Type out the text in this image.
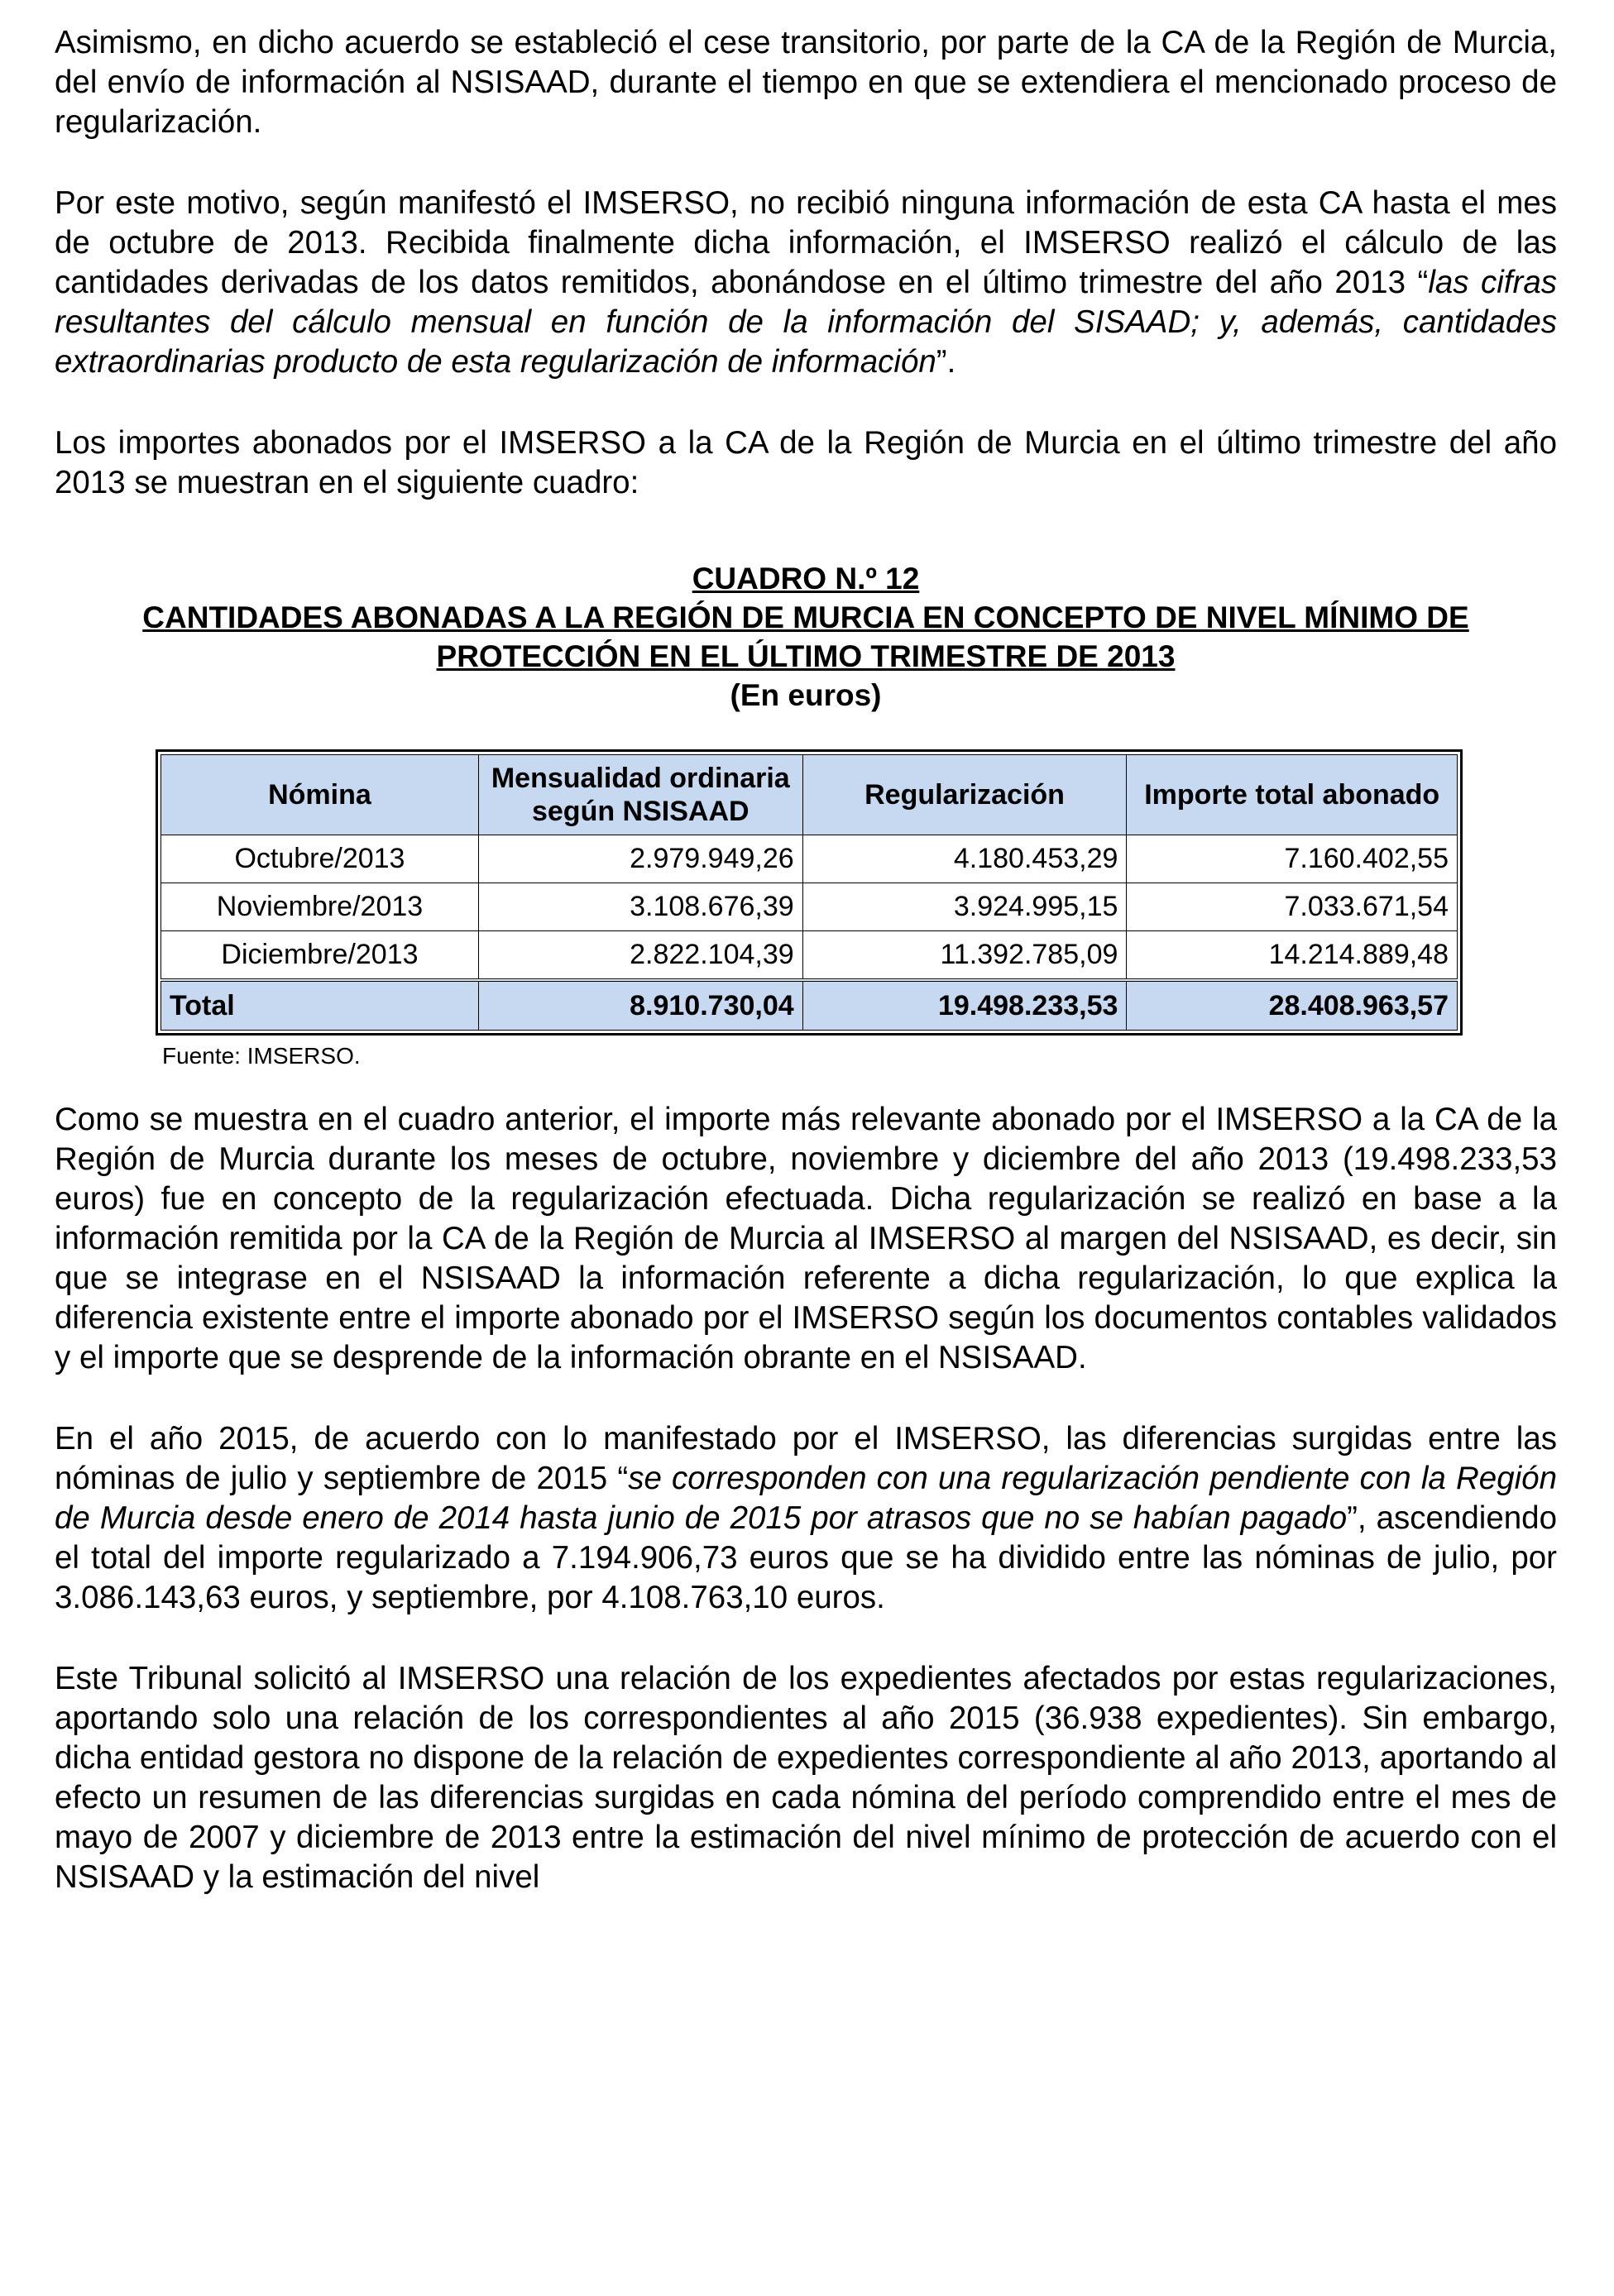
Asimismo, en dicho acuerdo se estableció el cese transitorio, por parte de la CA de la Región de Murcia, del envío de información al NSISAAD, durante el tiempo en que se extendiera el mencionado proceso de regularización.

Por este motivo, según manifestó el IMSERSO, no recibió ninguna información de esta CA hasta el mes de octubre de 2013. Recibida finalmente dicha información, el IMSERSO realizó el cálculo de las cantidades derivadas de los datos remitidos, abonándose en el último trimestre del año 2013 “las cifras resultantes del cálculo mensual en función de la información del SISAAD; y, además, cantidades extraordinarias producto de esta regularización de información”.

Los importes abonados por el IMSERSO a la CA de la Región de Murcia en el último trimestre del año 2013 se muestran en el siguiente cuadro:

CUADRO N.º 12
CANTIDADES ABONADAS A LA REGIÓN DE MURCIA EN CONCEPTO DE NIVEL MÍNIMO DE
PROTECCIÓN EN EL ÚLTIMO TRIMESTRE DE 2013
(En euros)
Nómina	Mensualidad ordinaria según NSISAAD	Regularización	Importe total abonado
Octubre/2013	2.979.949,26	4.180.453,29	7.160.402,55
Noviembre/2013	3.108.676,39	3.924.995,15	7.033.671,54
Diciembre/2013	2.822.104,39	11.392.785,09	14.214.889,48
Total	8.910.730,04	19.498.233,53	28.408.963,57
Fuente: IMSERSO.

Como se muestra en el cuadro anterior, el importe más relevante abonado por el IMSERSO a la CA de la Región de Murcia durante los meses de octubre, noviembre y diciembre del año 2013 (19.498.233,53 euros) fue en concepto de la regularización efectuada. Dicha regularización se realizó en base a la información remitida por la CA de la Región de Murcia al IMSERSO al margen del NSISAAD, es decir, sin que se integrase en el NSISAAD la información referente a dicha regularización, lo que explica la diferencia existente entre el importe abonado por el IMSERSO según los documentos contables validados y el importe que se desprende de la información obrante en el NSISAAD.

En el año 2015, de acuerdo con lo manifestado por el IMSERSO, las diferencias surgidas entre las nóminas de julio y septiembre de 2015 “se corresponden con una regularización pendiente con la Región de Murcia desde enero de 2014 hasta junio de 2015 por atrasos que no se habían pagado”, ascendiendo el total del importe regularizado a 7.194.906,73 euros que se ha dividido entre las nóminas de julio, por 3.086.143,63 euros, y septiembre, por 4.108.763,10 euros.

Este Tribunal solicitó al IMSERSO una relación de los expedientes afectados por estas regularizaciones, aportando solo una relación de los correspondientes al año 2015 (36.938 expedientes). Sin embargo, dicha entidad gestora no dispone de la relación de expedientes correspondiente al año 2013, aportando al efecto un resumen de las diferencias surgidas en cada nómina del período comprendido entre el mes de mayo de 2007 y diciembre de 2013 entre la estimación del nivel mínimo de protección de acuerdo con el NSISAAD y la estimación del nivel
